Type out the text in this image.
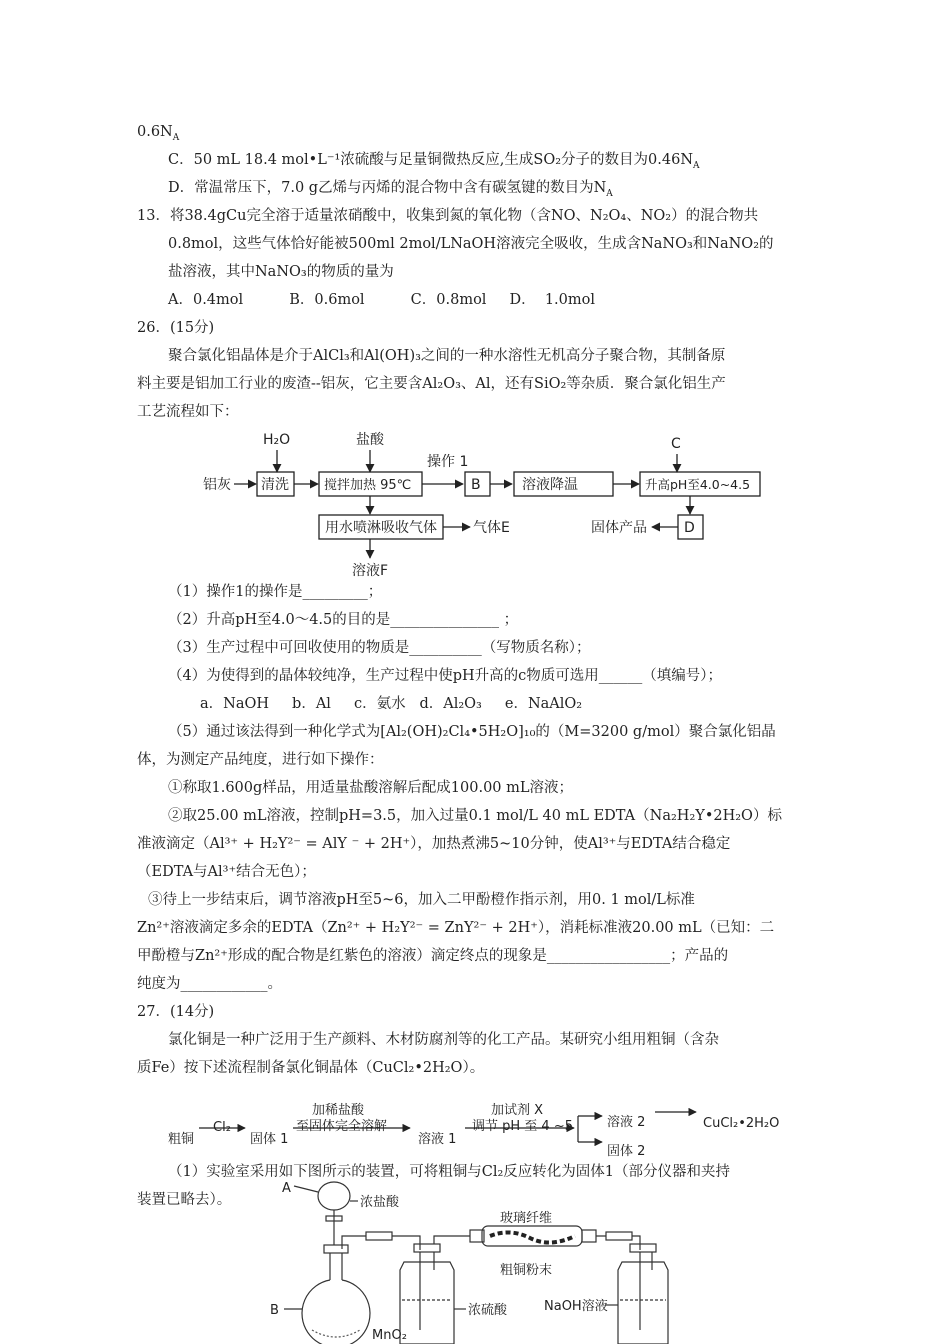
$0.6N_A$
C．50 mL 18.4 mol•L⁻¹浓硫酸与足量铜微热反应,生成SO₂分子的数目为$0.46N_A$
D．常温常压下，7.0 g乙烯与丙烯的混合物中含有碳氢键的数目为$N_A$
13．将38.4gCu完全溶于适量浓硝酸中，收集到氮的氧化物（含NO、N₂O₄、NO₂）的混合物共
0.8mol，这些气体恰好能被500ml 2mol/LNaOH溶液完全吸收，生成含NaNO₃和NaNO₂的
盐溶液，其中NaNO₃的物质的量为
A．0.4mol          B．0.6mol          C．0.8mol     D．  1.0mol
26．(15分)
聚合氯化铝晶体是介于AlCl₃和Al(OH)₃之间的一种水溶性无机高分子聚合物，其制备原
料主要是铝加工行业的废渣--铝灰，它主要含Al₂O₃、Al，还有SiO₂等杂质．聚合氯化铝生产
工艺流程如下：
H₂O	盐酸	C
操作 1
铝灰 清洗	搅拌加热 95℃	B	溶液降温	升高pH至4.0~4.5
用水喷淋吸收气体	气体E
溶液F
D
固体产品
（1）操作1的操作是_________；
（2）升高pH至4.0～4.5的目的是_______________ ；
（3）生产过程中可回收使用的物质是__________（写物质名称）；
（4）为使得到的晶体较纯净，生产过程中使pH升高的c物质可选用______（填编号）；
a．NaOH     b．Al     c．氨水   d．Al₂O₃     e．NaAlO₂
（5）通过该法得到一种化学式为[Al₂(OH)₂Cl₄•5H₂O]₁₀的（M=3200 g/mol）聚合氯化铝晶
体，为测定产品纯度，进行如下操作：
①称取1.600g样品，用适量盐酸溶解后配成100.00 mL溶液；
②取25.00 mL溶液，控制pH=3.5，加入过量0.1 mol/L 40 mL EDTA（Na₂H₂Y•2H₂O）标
准液滴定（Al³⁺ + H₂Y²⁻ = AlY ⁻ + 2H⁺），加热煮沸5~10分钟，使Al³⁺与EDTA结合稳定
（EDTA与Al³⁺结合无色）；
③待上一步结束后，调节溶液pH至5~6，加入二甲酚橙作指示剂，用0. 1 mol/L标准
Zn²⁺溶液滴定多余的EDTA（Zn²⁺ + H₂Y²⁻ = ZnY²⁻ + 2H⁺），消耗标准液20.00 mL（已知：二
甲酚橙与Zn²⁺形成的配合物是红紫色的溶液）滴定终点的现象是_________________；产品的
纯度为____________。
27．(14分)
氯化铜是一种广泛用于生产颜料、木材防腐剂等的化工产品。某研究小组用粗铜（含杂
质Fe）按下述流程制备氯化铜晶体（CuCl₂•2H₂O）。
粗铜
Cl₂
固体 1
加稀盐酸
至固体完全溶解
溶液 1
加试剂 X
调节 pH 至 4 ~5	溶液 2
固体 2
CuCl₂•2H₂O
（1）实验室采用如下图所示的装置，可将粗铜与Cl₂反应转化为固体1（部分仪器和夹持
装置已略去）。
A
浓盐酸
B
MnO₂
浓硫酸
玻璃纤维
粗铜粉末
NaOH溶液
